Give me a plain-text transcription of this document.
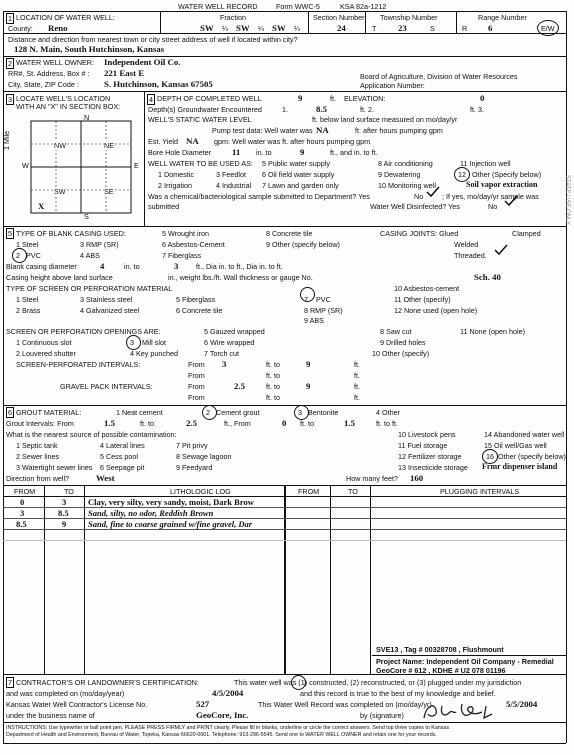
WATER WELL RECORD	Form WWC-5	KSA 82a-1212
1 LOCATION OF WATER WELL:
County: Reno
Fraction
SW ¼ SW ¼ SW ¼
Section Number
24
Township Number
T 23	S
Range Number
R 6	E/W
Distance and direction from nearest town or city street address of well if located within city?
128 N. Main, South Hutchinson, Kansas
2 WATER WELL OWNER: Independent Oil Co.
RR#, St. Address, Box # : 221 East E
City, State, ZIP Code :	S. Hutchinson, Kansas 67505
Board of Agriculture, Division of Water Resources
Application Number:
3 LOCATE WELL'S LOCATION
WITH AN "X" IN SECTION BOX:
N
S
W	E
1 Mile	NW	NE
SW	SE
X
4 DEPTH OF COMPLETED WELL	9	ft. ELEVATION:	0
Depth(s) Groundwater Encountered	1.	8.5	ft. 2.	ft. 3.
WELL'S STATIC WATER LEVEL	ft. below land surface measured on mo/day/yr
Pump test data: Well water was NA	ft. after hours pumping gpm
Est. Yield NA gpm: Well water was ft. after hours pumping gpm
Bore Hole Diameter 11 in. to	9	ft., and in. to ft.
WELL WATER TO BE USED AS: 5 Public water supply	8 Air conditioning	11 Injection well
1 Domestic	3 Feedlot 6 Oil field water supply	9 Dewatering	12 Other (Specify below)
2 Irrigation	4 Industrial 7 Lawn and garden only	10 Monitoring well	Soil vapor extraction
Was a chemical/bacteriological sample submitted to Department? Yes	No	; If yes, mo/day/yr sample was
submitted	Water Well Disinfected? Yes	No
5 TYPE OF BLANK CASING USED:	5 Wrought iron	8 Concrete tile	CASING JOINTS: Glued	Clamped
1 Steel	3 RMP (SR)	6 Asbestos-Cement	9 Other (specify below)	Welded
2 PVC	4 ABS	7 Fiberglass	Threaded.
Blank casing diameter	4	in. to	3 ft., Dia in. to ft., Dia in. to ft.
Casing height above land surface	in., weight lbs./ft. Wall thickness or gauge No.	Sch. 40
TYPE OF SCREEN OR PERFORATION MATERIAL
1 Steel	3 Stainless steel	5 Fiberglass	7 PVC
10 Asbestos-cement
2 Brass	4 Galvanized steel	6 Concrete tile	8 RMP (SR)
11 Other (specify)
9 ABS
12 None used (open hole)
SCREEN OR PERFORATION OPENINGS ARE:	5 Gauzed wrapped	8 Saw cut	11 None (open hole)
1 Continuous slot	3 Mill slot	6 Wire wrapped	9 Drilled holes
2 Louvered shutter	4 Key punched	7 Torch cut	10 Other (specify)
SCREEN-PERFORATED INTERVALS:	From 3	ft. to	9	ft.
From	ft. to	ft.
GRAVEL PACK INTERVALS:	From	2.5	ft. to	9	ft.
From	ft. to	ft.
6 GROUT MATERIAL:	1 Neat cement	2 Cement grout	3 Bentonite	4 Other
Grout Intervals: From	1.5	ft. to	2.5	ft., From	0 ft. to	1.5	ft. to ft.
What is the nearest source of possible contamination:	10 Livestock pens	14 Abandoned water well
1 Septic tank	4 Lateral lines	7 Pit privy	11 Fuel storage	15 Oil well/Gas well
2 Sewer lines	5 Cess pool	8 Sewage lagoon	12 Fertilizer storage	16 Other (specify below)
3 Watertight sewer lines 6 Seepage pit	9 Feedyard	13 Insecticide storage Frmr dispenser island
Direction from well?	West	How many feet? 160
FROM	TO	LITHOLOGIC LOG	FROM	TO	PLUGGING INTERVALS
0	3	Clay, very silty, very sandy, moist, Dark Brow
3	8.5 Sand, silty, no odor, Reddish Brown
8.5	9	Sand, fine to coarse grained w/fine gravel, Dar
SVE13 , Tag # 00328708 , Flushmount
Project Name: Independent Oil Company - Remedial
GeoCore # 612 , KDHE # U2 078 01196
7 CONTRACTOR'S OR LANDOWNER'S CERTIFICATION:	This water well was (1) constructed, (2) reconstructed, or (3) plugged under my jurisdiction
and was completed on (mo/day/year)	4/5/2004	and this record is true to the best of my knowledge and belief.
Kansas Water Well Contractor's License No.	527	This Water Well Record was completed on (mo/day/yr)	5/5/2004
under the business name of	GeoCore, Inc.	by (signature)
INSTRUCTIONS: Use typewriter or ball point pen. PLEASE PRESS FIRMLY and PRINT clearly. Please fill in blanks, underline or circle the correct answers. Send top three copies to Kansas
Department of Health and Environment, Bureau of Water, Topeka, Kansas 66620-0001. Telephone: 913-296-5545. Send one to WATER WELL OWNER and retain one for your records.
STATE USE ONLY
